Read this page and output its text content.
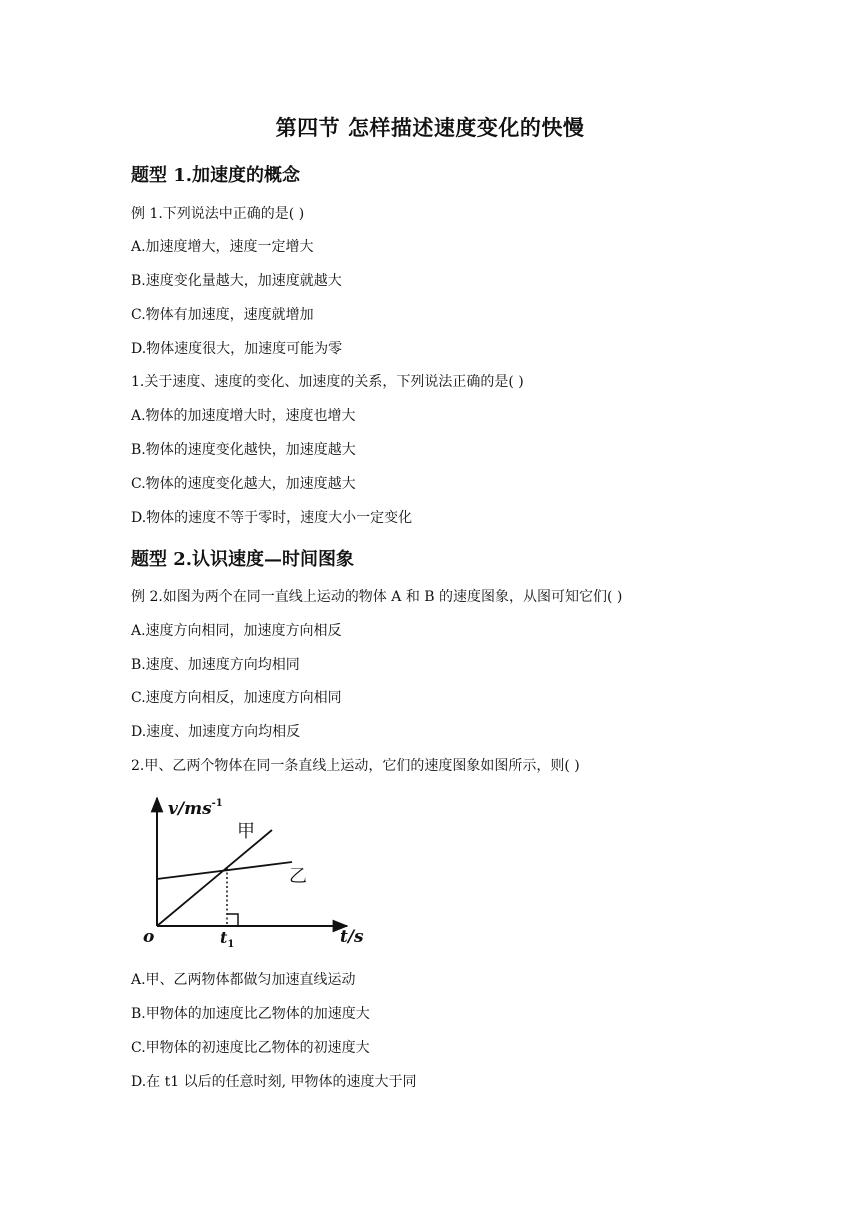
第四节 怎样描述速度变化的快慢
题型 1.加速度的概念
例 1.下列说法中正确的是( )
A.加速度增大，速度一定增大
B.速度变化量越大，加速度就越大
C.物体有加速度，速度就增加
D.物体速度很大，加速度可能为零
1.关于速度、速度的变化、加速度的关系，下列说法正确的是( )
A.物体的加速度增大时，速度也增大
B.物体的速度变化越快，加速度越大
C.物体的速度变化越大，加速度越大
D.物体的速度不等于零时，速度大小一定变化
题型 2.认识速度—时间图象
例 2.如图为两个在同一直线上运动的物体 A 和 B 的速度图象，从图可知它们( )
A.速度方向相同，加速度方向相反
B.速度、加速度方向均相同
C.速度方向相反，加速度方向相同
D.速度、加速度方向均相反
2.甲、乙两个物体在同一条直线上运动，它们的速度图象如图所示，则( )
$v/ms^{-1}$
甲
乙
o	$t_1$	t/s
A.甲、乙两物体都做匀加速直线运动
B.甲物体的加速度比乙物体的加速度大
C.甲物体的初速度比乙物体的初速度大
D.在 t1 以后的任意时刻, 甲物体的速度大于同
